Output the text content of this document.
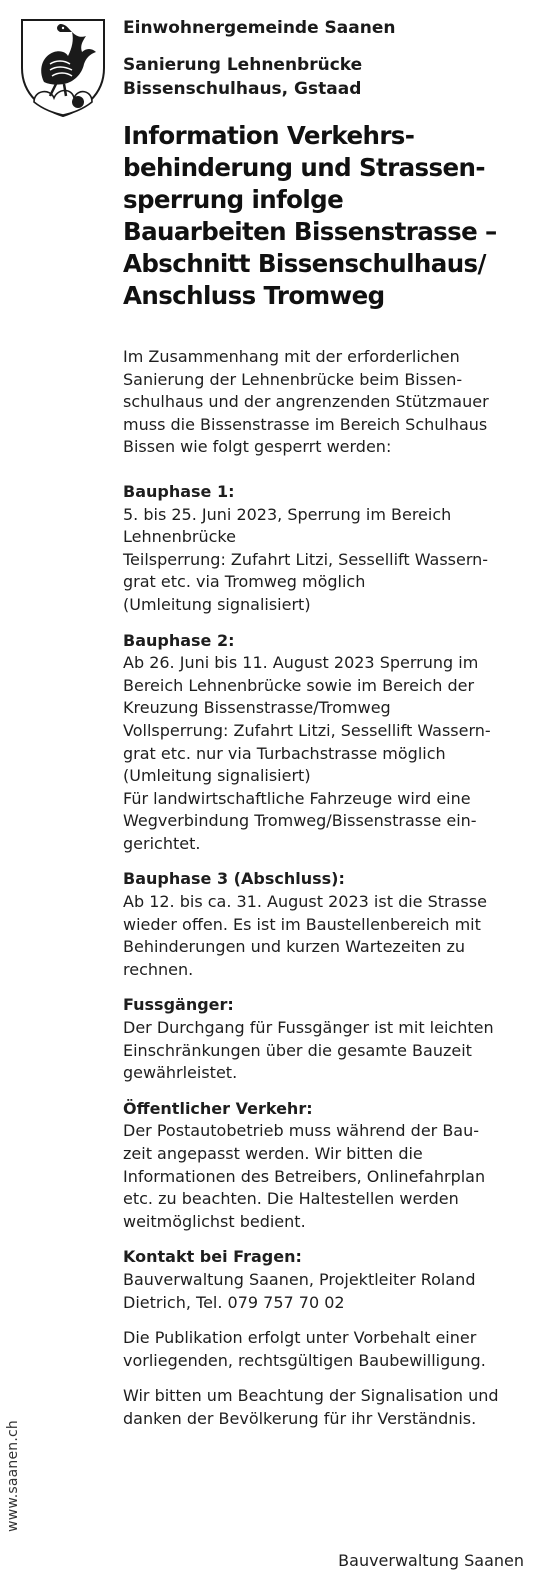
www.saanen.ch
Einwohnergemeinde Saanen
Sanierung Lehnenbrücke
Bissenschulhaus, Gstaad
Information Verkehrs-
behinderung und Strassen-
sperrung infolge
Bauarbeiten Bissenstrasse –
Abschnitt Bissenschulhaus/
Anschluss Tromweg
Im Zusammenhang mit der erforderlichen
Sanierung der Lehnenbrücke beim Bissen-
schulhaus und der angrenzenden Stützmauer
muss die Bissenstrasse im Bereich Schulhaus
Bissen wie folgt gesperrt werden:
Bauphase 1:
5. bis 25. Juni 2023, Sperrung im Bereich
Lehnenbrücke
Teilsperrung: Zufahrt Litzi, Sessellift Wassern-
grat etc. via Tromweg möglich
(Umleitung signalisiert)
Bauphase 2:
Ab 26. Juni bis 11. August 2023 Sperrung im
Bereich Lehnenbrücke sowie im Bereich der
Kreuzung Bissenstrasse/Tromweg
Vollsperrung: Zufahrt Litzi, Sessellift Wassern-
grat etc. nur via Turbachstrasse möglich
(Umleitung signalisiert)
Für landwirtschaftliche Fahrzeuge wird eine
Wegverbindung Tromweg/Bissenstrasse ein-
gerichtet.
Bauphase 3 (Abschluss):
Ab 12. bis ca. 31. August 2023 ist die Strasse
wieder offen. Es ist im Baustellenbereich mit
Behinderungen und kurzen Wartezeiten zu
rechnen.
Fussgänger:
Der Durchgang für Fussgänger ist mit leichten
Einschränkungen über die gesamte Bauzeit
gewährleistet.
Öffentlicher Verkehr:
Der Postautobetrieb muss während der Bau-
zeit angepasst werden. Wir bitten die
Informationen des Betreibers, Onlinefahrplan
etc. zu beachten. Die Haltestellen werden
weitmöglichst bedient.
Kontakt bei Fragen:
Bauverwaltung Saanen, Projektleiter Roland
Dietrich, Tel. 079 757 70 02
Die Publikation erfolgt unter Vorbehalt einer
vorliegenden, rechtsgültigen Baubewilligung.
Wir bitten um Beachtung der Signalisation und
danken der Bevölkerung für ihr Verständnis.
Bauverwaltung Saanen
